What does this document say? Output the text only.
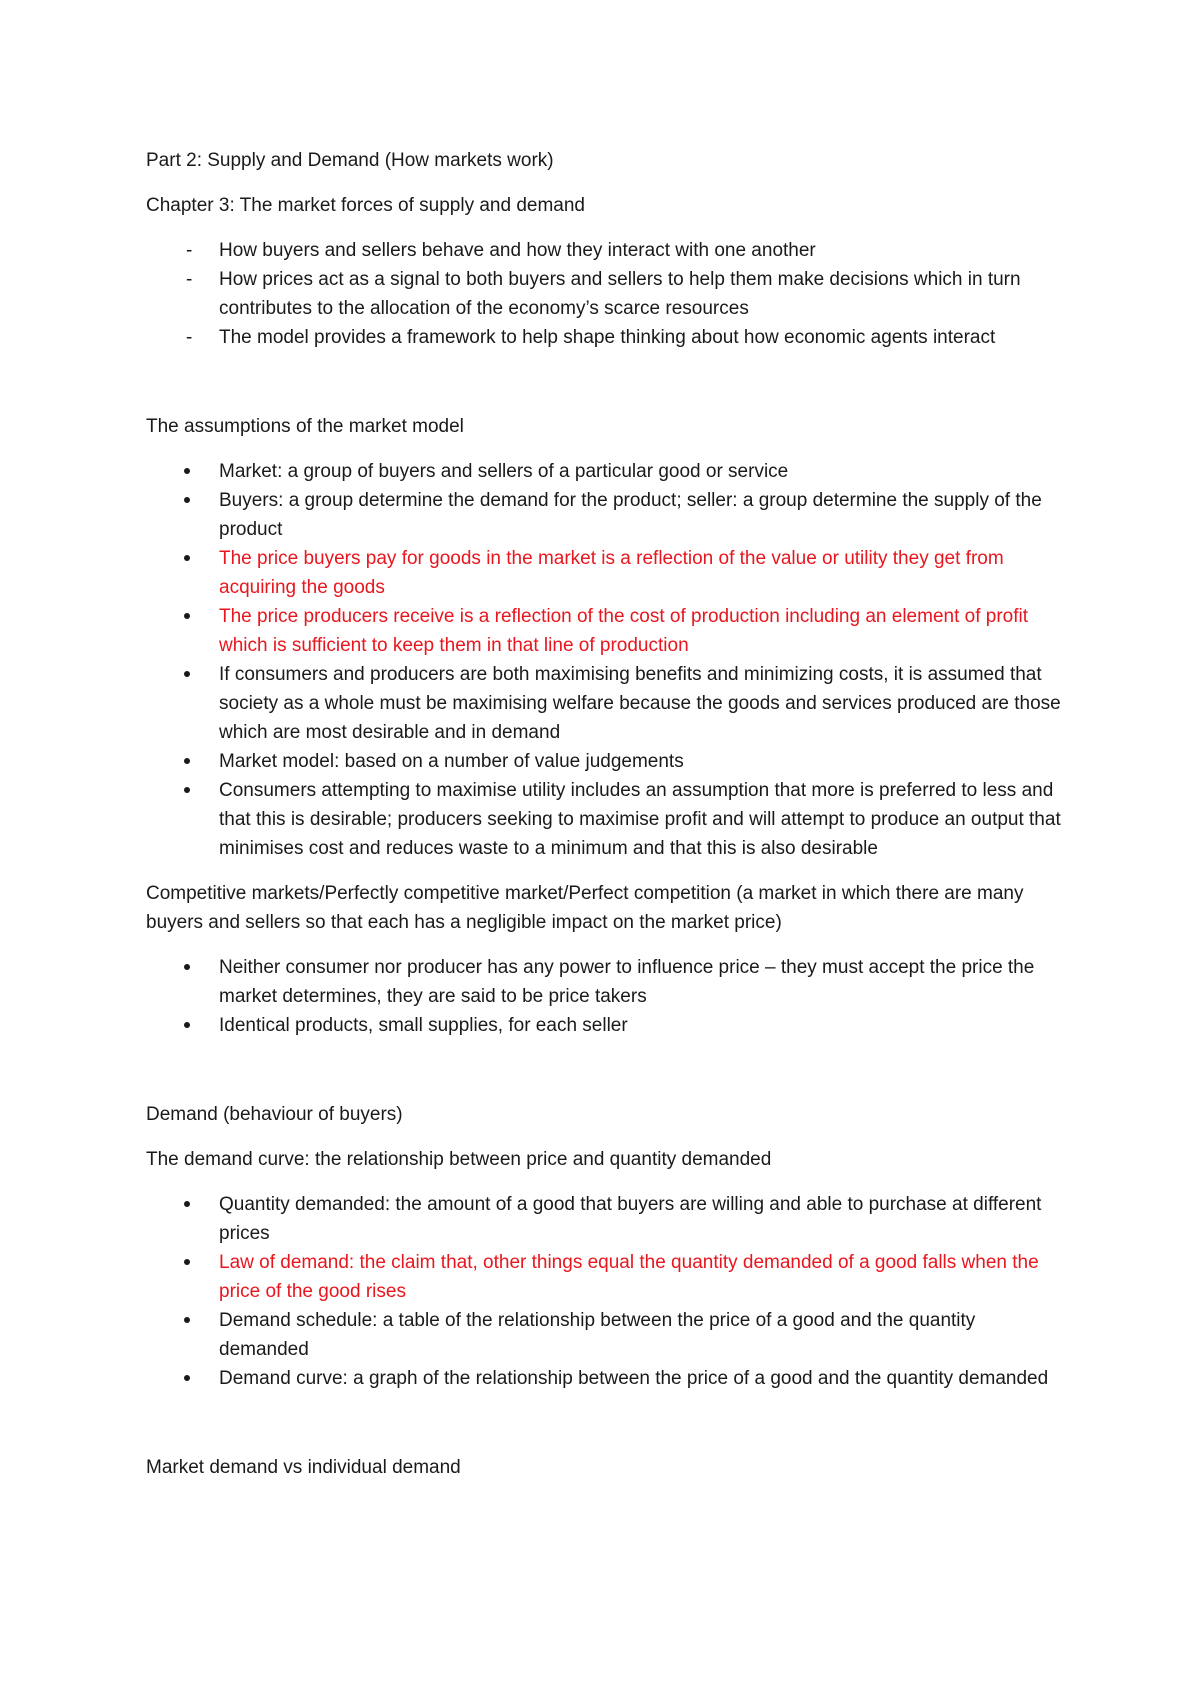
Part 2: Supply and Demand (How markets work)

Chapter 3: The market forces of supply and demand

-	How buyers and sellers behave and how they interact with one another
-	How prices act as a signal to both buyers and sellers to help them make decisions which in turn contributes to the allocation of the economy’s scarce resources
-	The model provides a framework to help shape thinking about how economic agents interact

The assumptions of the market model

Market: a group of buyers and sellers of a particular good or service
Buyers: a group determine the demand for the product; seller: a group determine the supply of the product
The price buyers pay for goods in the market is a reflection of the value or utility they get from acquiring the goods
The price producers receive is a reflection of the cost of production including an element of profit which is sufficient to keep them in that line of production
If consumers and producers are both maximising benefits and minimizing costs, it is assumed that society as a whole must be maximising welfare because the goods and services produced are those which are most desirable and in demand
Market model: based on a number of value judgements
Consumers attempting to maximise utility includes an assumption that more is preferred to less and that this is desirable; producers seeking to maximise profit and will attempt to produce an output that minimises cost and reduces waste to a minimum and that this is also desirable

Competitive markets/Perfectly competitive market/Perfect competition (a market in which there are many buyers and sellers so that each has a negligible impact on the market price)

Neither consumer nor producer has any power to influence price – they must accept the price the market determines, they are said to be price takers
Identical products, small supplies, for each seller

Demand (behaviour of buyers)

The demand curve: the relationship between price and quantity demanded

Quantity demanded: the amount of a good that buyers are willing and able to purchase at different prices
Law of demand: the claim that, other things equal the quantity demanded of a good falls when the price of the good rises
Demand schedule: a table of the relationship between the price of a good and the quantity demanded
Demand curve: a graph of the relationship between the price of a good and the quantity demanded

Market demand vs individual demand
